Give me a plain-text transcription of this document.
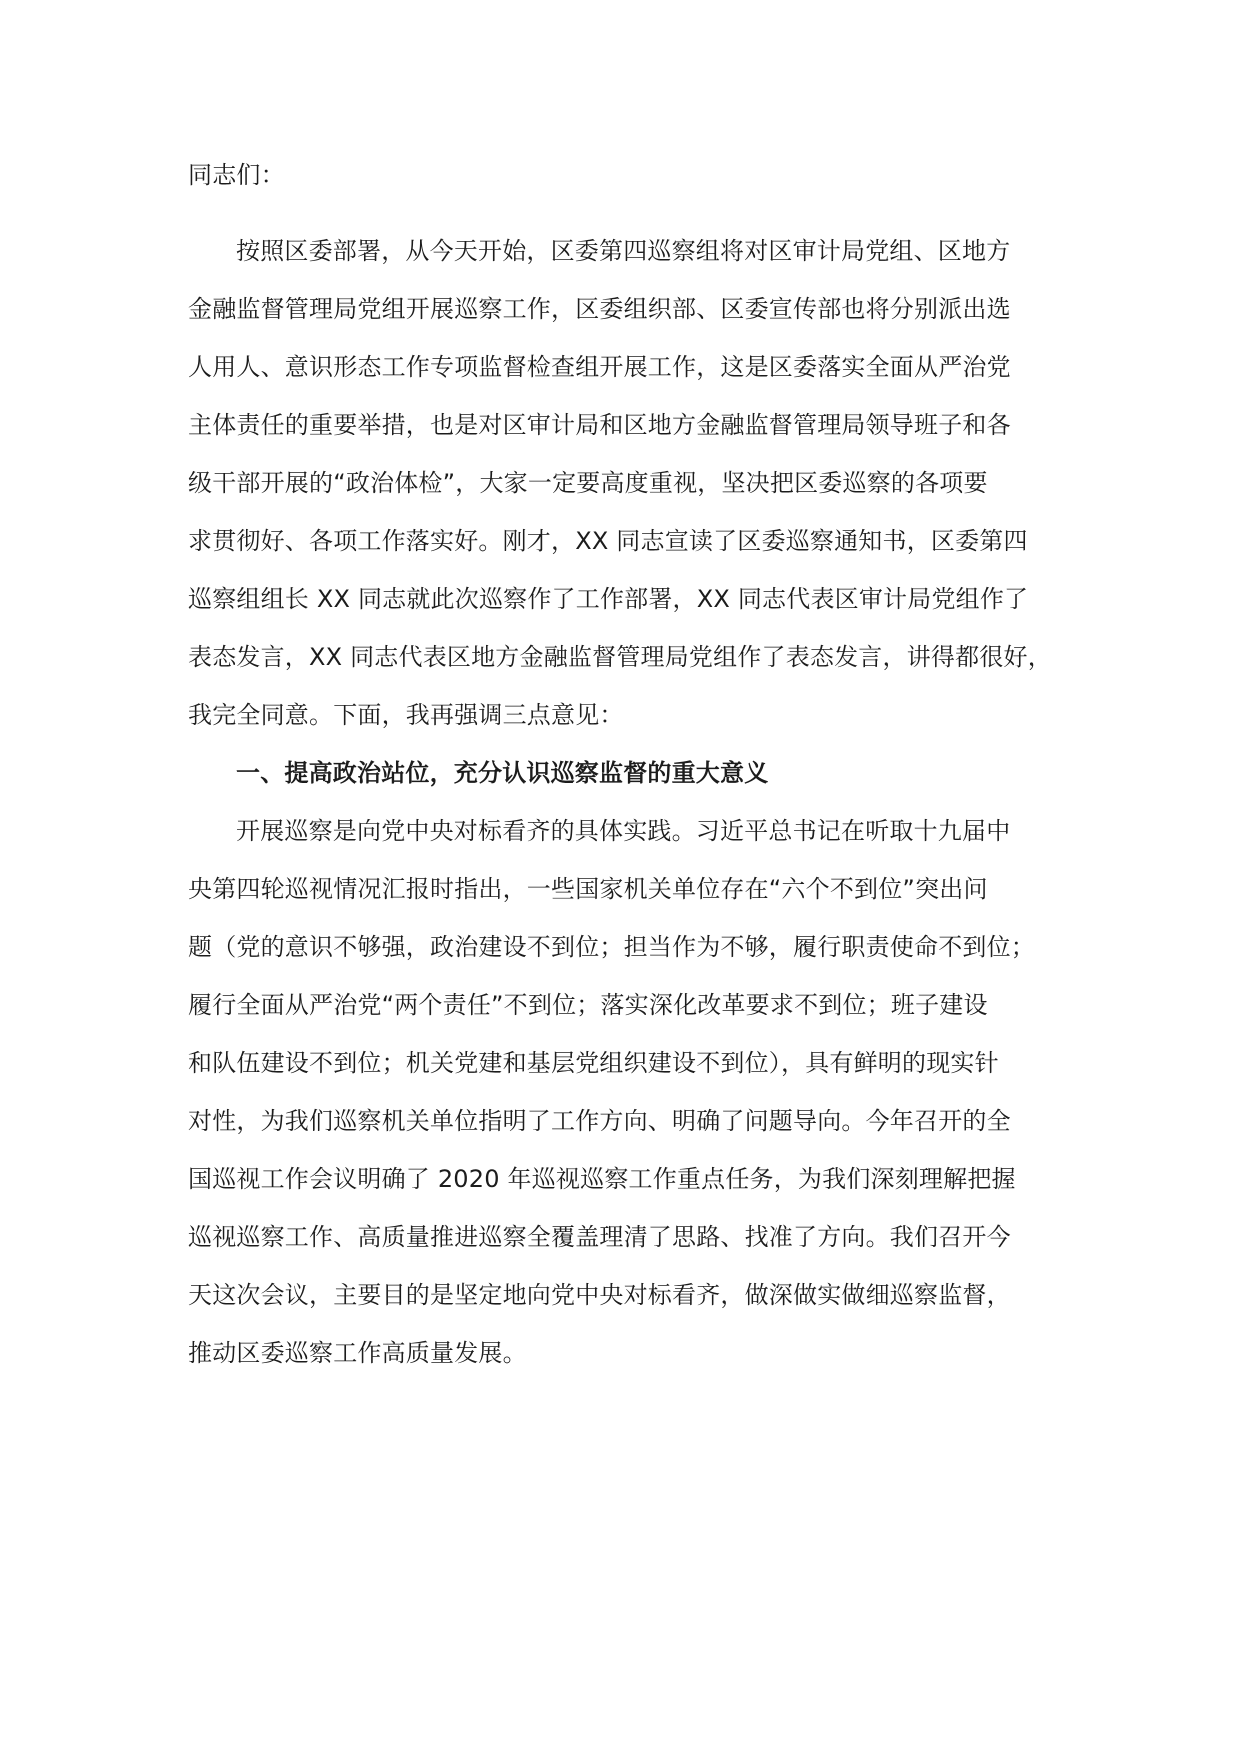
同志们：
按照区委部署，从今天开始，区委第四巡察组将对区审计局党组、区地方
金融监督管理局党组开展巡察工作，区委组织部、区委宣传部也将分别派出选
人用人、意识形态工作专项监督检查组开展工作，这是区委落实全面从严治党
主体责任的重要举措，也是对区审计局和区地方金融监督管理局领导班子和各
级干部开展的“政治体检”，大家一定要高度重视，坚决把区委巡察的各项要
求贯彻好、各项工作落实好。刚才，XX 同志宣读了区委巡察通知书，区委第四
巡察组组长 XX 同志就此次巡察作了工作部署，XX 同志代表区审计局党组作了
表态发言，XX 同志代表区地方金融监督管理局党组作了表态发言，讲得都很好，
我完全同意。下面，我再强调三点意见：
一、提高政治站位，充分认识巡察监督的重大意义
开展巡察是向党中央对标看齐的具体实践。习近平总书记在听取十九届中
央第四轮巡视情况汇报时指出，一些国家机关单位存在“六个不到位”突出问
题（党的意识不够强，政治建设不到位；担当作为不够，履行职责使命不到位；
履行全面从严治党“两个责任”不到位；落实深化改革要求不到位；班子建设
和队伍建设不到位；机关党建和基层党组织建设不到位），具有鲜明的现实针
对性，为我们巡察机关单位指明了工作方向、明确了问题导向。今年召开的全
国巡视工作会议明确了 2020 年巡视巡察工作重点任务，为我们深刻理解把握
巡视巡察工作、高质量推进巡察全覆盖理清了思路、找准了方向。我们召开今
天这次会议，主要目的是坚定地向党中央对标看齐，做深做实做细巡察监督，
推动区委巡察工作高质量发展。
